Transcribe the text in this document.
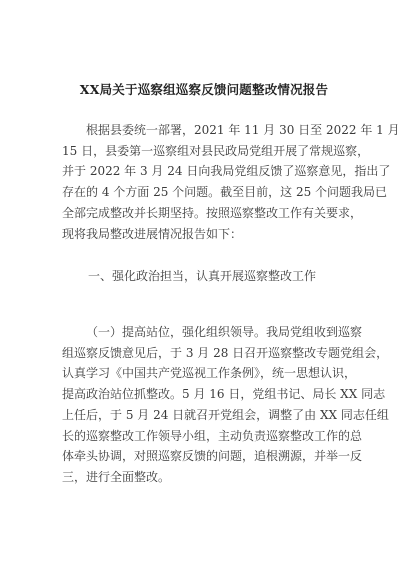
XX局关于巡察组巡察反馈问题整改情况报告
根据县委统一部署，2021 年 11 月 30 日至 2022 年 1 月
15 日，县委第一巡察组对县民政局党组开展了常规巡察，
并于 2022 年 3 月 24 日向我局党组反馈了巡察意见，指出了
存在的 4 个方面 25 个问题。截至目前，这 25 个问题我局已
全部完成整改并长期坚持。按照巡察整改工作有关要求，
现将我局整改进展情况报告如下：
一、强化政治担当，认真开展巡察整改工作
（一）提高站位，强化组织领导。我局党组收到巡察
组巡察反馈意见后，于 3 月 28 日召开巡察整改专题党组会，
认真学习《中国共产党巡视工作条例》，统一思想认识，
提高政治站位抓整改。5 月 16 日，党组书记、局长 XX 同志
上任后，于 5 月 24 日就召开党组会，调整了由 XX 同志任组
长的巡察整改工作领导小组，主动负责巡察整改工作的总
体牵头协调，对照巡察反馈的问题，追根溯源，并举一反
三，进行全面整改。
